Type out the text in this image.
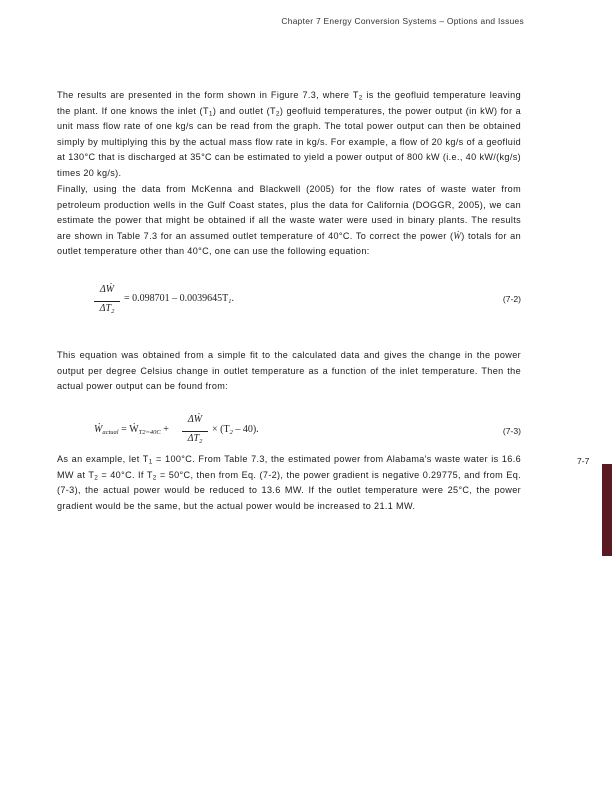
Chapter 7 Energy Conversion Systems – Options and Issues

The results are presented in the form shown in Figure 7.3, where $T_2$ is the geofluid temperature leaving the plant. If one knows the inlet $(T_1)$ and outlet $(T_2)$ geofluid temperatures, the power output (in kW) for a unit mass flow rate of one kg/s can be read from the graph. The total power output can then be obtained simply by multiplying this by the actual mass flow rate in kg/s. For example, a flow of 20 kg/s of a geofluid at 130°C that is discharged at 35°C can be estimated to yield a power output of 800 kW (i.e., 40 kW/(kg/s) times 20 kg/s).

Finally, using the data from McKenna and Blackwell (2005) for the flow rates of waste water from petroleum production wells in the Gulf Coast states, plus the data for California (DOGGR, 2005), we can estimate the power that might be obtained if all the waste water were used in binary plants. The results are shown in Table 7.3 for an assumed outlet temperature of 40°C. To correct the power (Ẇ) totals for an outlet temperature other than 40°C, one can use the following equation:

ΔẆ
$\Delta T_2$
= $0.098701 - 0.0039645T_1$.	(7-2)

This equation was obtained from a simple fit to the calculated data and gives the change in the power output per degree Celsius change in outlet temperature as a function of the inlet temperature. Then the actual power output can be found from:

Ẇ$_{actual}$ = Ẇ$_{T2=40C}$ +
ΔẆ
$\Delta T_2$
× $(T_2 - 40)$.	(7-3)

As an example, let $T_1 = 100^\circ C$. From Table 7.3, the estimated power from Alabama's waste water is 16.6 MW at $T_2 = 40^\circ C$. If $T_2 = 50^\circ C$, then from Eq. (7-2), the power gradient is negative 0.29775, and from Eq. (7-3), the actual power would be reduced to 13.6 MW. If the outlet temperature were 25°C, the power gradient would be the same, but the actual power would be increased to 21.1 MW.

7-7
